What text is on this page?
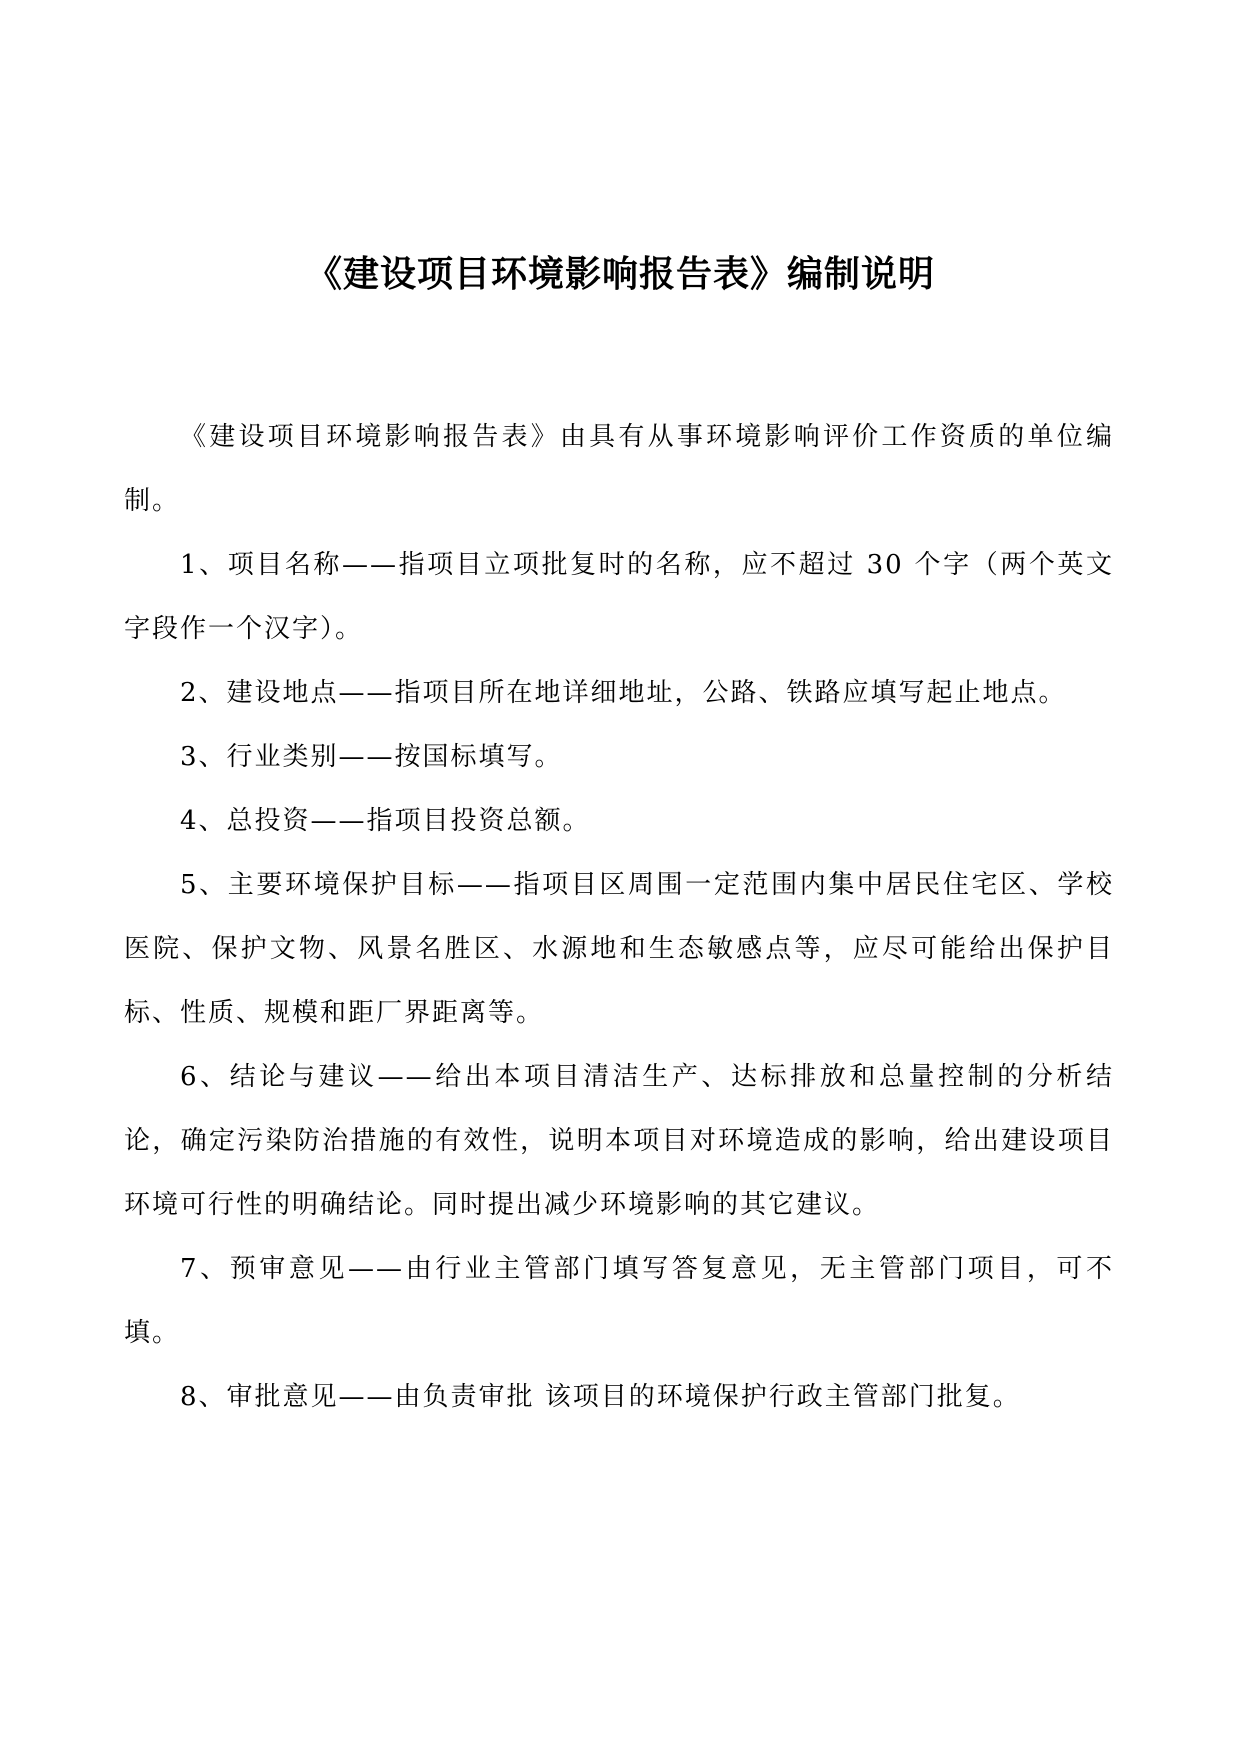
《建设项目环境影响报告表》编制说明

《建设项目环境影响报告表》由具有从事环境影响评价工作资质的单位编制。

1、项目名称——指项目立项批复时的名称，应不超过 30 个字（两个英文字段作一个汉字）。

2、建设地点——指项目所在地详细地址，公路、铁路应填写起止地点。

3、行业类别——按国标填写。

4、总投资——指项目投资总额。

5、主要环境保护目标——指项目区周围一定范围内集中居民住宅区、学校医院、保护文物、风景名胜区、水源地和生态敏感点等，应尽可能给出保护目标、性质、规模和距厂界距离等。

6、结论与建议——给出本项目清洁生产、达标排放和总量控制的分析结论，确定污染防治措施的有效性，说明本项目对环境造成的影响，给出建设项目环境可行性的明确结论。同时提出减少环境影响的其它建议。

7、预审意见——由行业主管部门填写答复意见，无主管部门项目，可不填。

8、审批意见——由负责审批 该项目的环境保护行政主管部门批复。
